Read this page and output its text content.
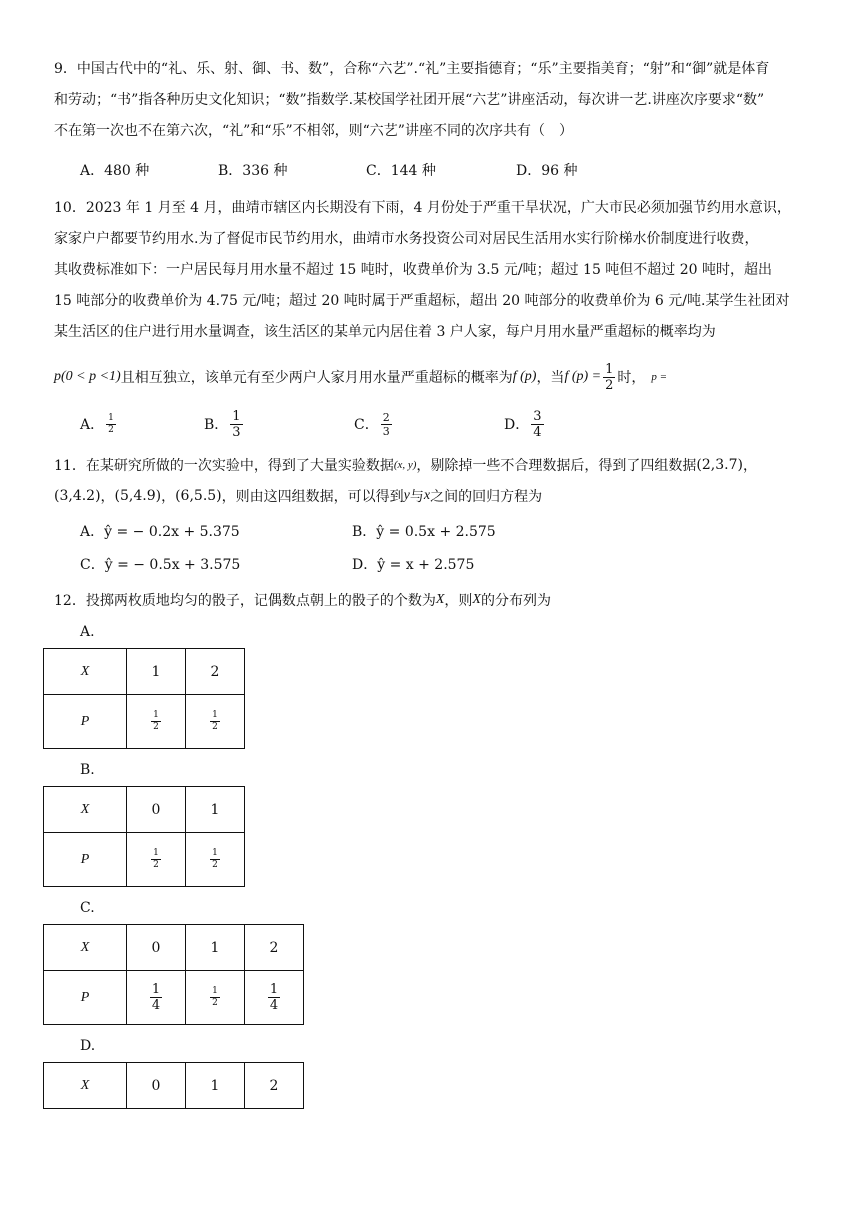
9．中国古代中的“礼、乐、射、御、书、数”，合称“六艺”.“礼”主要指德育；“乐”主要指美育；“射”和“御”就是体育
和劳动；“书”指各种历史文化知识；“数”指数学.某校国学社团开展“六艺”讲座活动，每次讲一艺.讲座次序要求“数”
不在第一次也不在第六次，“礼”和“乐”不相邻，则“六艺”讲座不同的次序共有（　）
A．480 种	B．336 种	C．144 种	D．96 种
10．2023 年 1 月至 4 月，曲靖市辖区内长期没有下雨，4 月份处于严重干旱状况，广大市民必须加强节约用水意识，
家家户户都要节约用水.为了督促市民节约用水，曲靖市水务投资公司对居民生活用水实行阶梯水价制度进行收费，
其收费标准如下：一户居民每月用水量不超过 15 吨时，收费单价为 3.5 元/吨；超过 15 吨但不超过 20 吨时，超出
15 吨部分的收费单价为 4.75 元/吨；超过 20 吨时属于严重超标，超出 20 吨部分的收费单价为 6 元/吨.某学生社团对
某生活区的住户进行用水量调查，该生活区的某单元内居住着 3 户人家，每户月用水量严重超标的概率均为
p(0 < p <1) 且相互独立，该单元有至少两户人家月用水量严重超标的概率为 f (p) ，当 f $(p) = \frac{1}{2}$ 时， p =
A． $\frac{1}{2}$	B． $\frac{1}{3}$	C． $\frac{2}{3}$	D． $\frac{3}{4}$
11．在某研究所做的一次实验中，得到了大量实验数据 (x, y) ，剔除掉一些不合理数据后，得到了四组数据 (2,3.7) ，
(3,4.2) ， (5,4.9) ， (6,5.5) ，则由这四组数据，可以得到 y 与 x 之间的回归方程为
A．ŷ = − 0.2x + 5.375	B．ŷ = 0.5x + 2.575
C．ŷ = − 0.5x + 3.575	D．ŷ = x + 2.575
12．投掷两枚质地均匀的骰子，记偶数点朝上的骰子的个数为 X ，则 X 的分布列为
A.
X	1	2
P	$\frac{1}{2}$	$\frac{1}{2}$
B.
X	0	1
P	$\frac{1}{2}$	$\frac{1}{2}$
C.
X	0	1	2
P	$\frac{1}{4}$	$\frac{1}{2}$	$\frac{1}{4}$
D.
X	0	1	2
